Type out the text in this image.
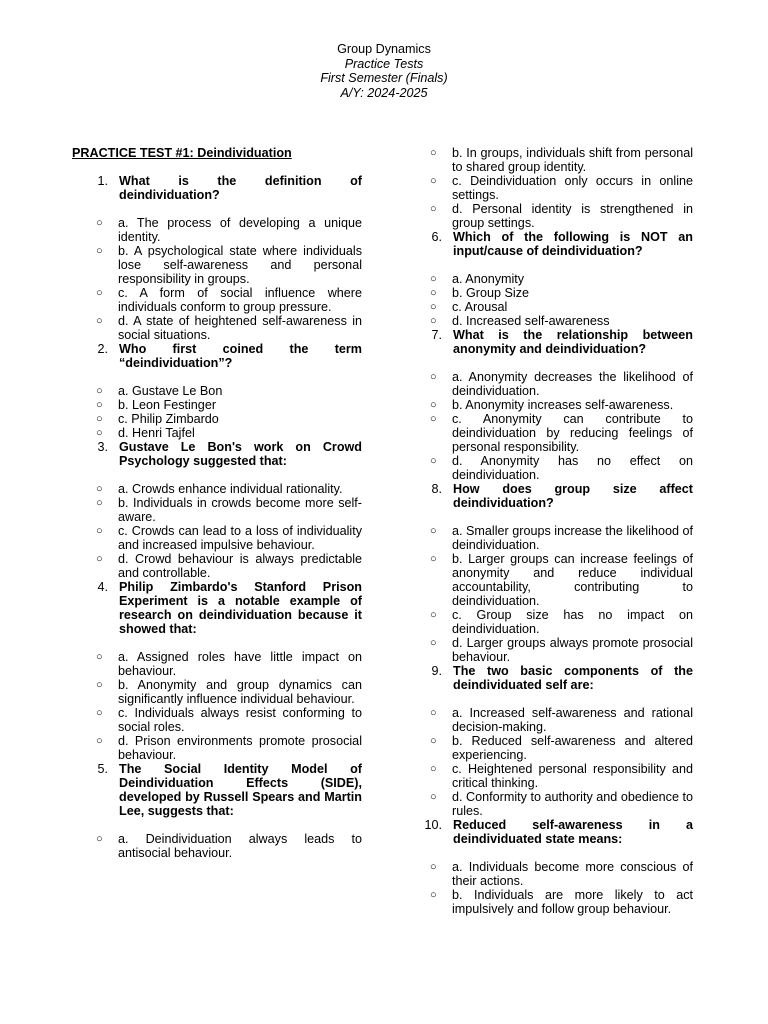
Group Dynamics
Practice Tests
First Semester (Finals)
A/Y: 2024-2025
PRACTICE TEST #1: Deindividuation
1. What is the definition of deindividuation?
○ a. The process of developing a unique identity.
○ b. A psychological state where individuals lose self-awareness and personal responsibility in groups.
○ c. A form of social influence where individuals conform to group pressure.
○ d. A state of heightened self-awareness in social situations.
2. Who first coined the term “deindividuation”?
○ a. Gustave Le Bon
○ b. Leon Festinger
○ c. Philip Zimbardo
○ d. Henri Tajfel
3. Gustave Le Bon's work on Crowd Psychology suggested that:
○ a. Crowds enhance individual rationality.
○ b. Individuals in crowds become more self-aware.
○ c. Crowds can lead to a loss of individuality and increased impulsive behaviour.
○ d. Crowd behaviour is always predictable and controllable.
4. Philip Zimbardo's Stanford Prison Experiment is a notable example of research on deindividuation because it showed that:
○ a. Assigned roles have little impact on behaviour.
○ b. Anonymity and group dynamics can significantly influence individual behaviour.
○ c. Individuals always resist conforming to social roles.
○ d. Prison environments promote prosocial behaviour.
5. The Social Identity Model of Deindividuation Effects (SIDE), developed by Russell Spears and Martin Lee, suggests that:
○ a. Deindividuation always leads to antisocial behaviour.
○ b. In groups, individuals shift from personal to shared group identity.
○ c. Deindividuation only occurs in online settings.
○ d. Personal identity is strengthened in group settings.
6. Which of the following is NOT an input/cause of deindividuation?
○ a. Anonymity
○ b. Group Size
○ c. Arousal
○ d. Increased self-awareness
7. What is the relationship between anonymity and deindividuation?
○ a. Anonymity decreases the likelihood of deindividuation.
○ b. Anonymity increases self-awareness.
○ c. Anonymity can contribute to deindividuation by reducing feelings of personal responsibility.
○ d. Anonymity has no effect on deindividuation.
8. How does group size affect deindividuation?
○ a. Smaller groups increase the likelihood of deindividuation.
○ b. Larger groups can increase feelings of anonymity and reduce individual accountability, contributing to deindividuation.
○ c. Group size has no impact on deindividuation.
○ d. Larger groups always promote prosocial behaviour.
9. The two basic components of the deindividuated self are:
○ a. Increased self-awareness and rational decision-making.
○ b. Reduced self-awareness and altered experiencing.
○ c. Heightened personal responsibility and critical thinking.
○ d. Conformity to authority and obedience to rules.
10. Reduced self-awareness in a deindividuated state means:
○ a. Individuals become more conscious of their actions.
○ b. Individuals are more likely to act impulsively and follow group behaviour.
